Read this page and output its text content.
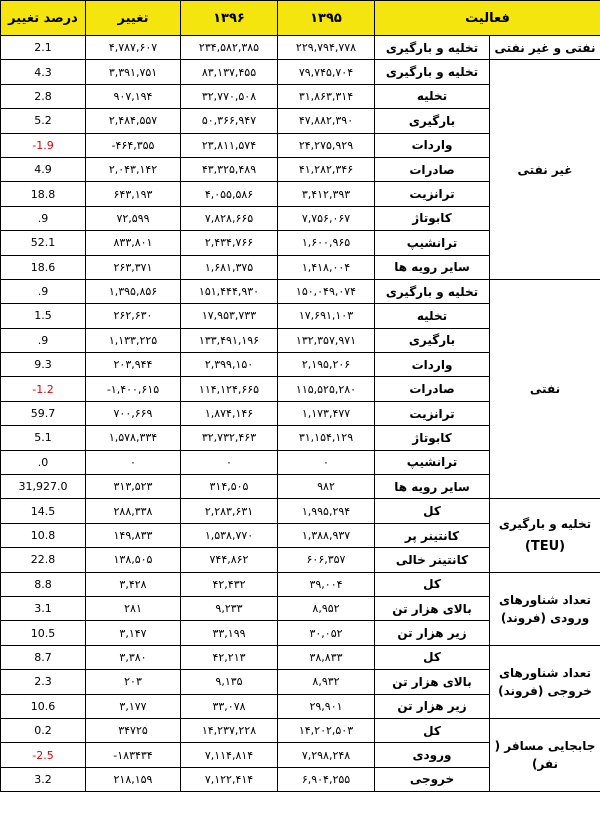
فعالیت		۱۳۹۵	۱۳۹۶	تغییر	درصد تغییر
نفتی و غیر نفتی	تخلیه و بارگیری	۲۲۹,۷۹۴,۷۷۸	۲۳۴,۵۸۲,۳۸۵	۴,۷۸۷,۶۰۷	2.1
غیر نفتی	تخلیه و بارگیری	۷۹,۷۴۵,۷۰۴	۸۳,۱۳۷,۴۵۵	۳,۳۹۱,۷۵۱	4.3
	تخلیه	۳۱,۸۶۳,۳۱۴	۳۲,۷۷۰,۵۰۸	۹۰۷,۱۹۴	2.8
	بارگیری	۴۷,۸۸۲,۳۹۰	۵۰,۳۶۶,۹۴۷	۲,۴۸۴,۵۵۷	5.2
	واردات	۲۴,۲۷۵,۹۲۹	۲۳,۸۱۱,۵۷۴	-۴۶۴,۳۵۵	-1.9
	صادرات	۴۱,۲۸۲,۳۴۶	۴۳,۳۲۵,۴۸۹	۲,۰۴۳,۱۴۲	4.9
	ترانزیت	۳,۴۱۲,۳۹۳	۴,۰۵۵,۵۸۶	۶۴۳,۱۹۳	18.8
	کابوتاژ	۷,۷۵۶,۰۶۷	۷,۸۲۸,۶۶۵	۷۲,۵۹۹	.9
	ترانشیپ	۱,۶۰۰,۹۶۵	۲,۴۳۴,۷۶۶	۸۳۳,۸۰۱	52.1
	سایر رویه ها	۱,۴۱۸,۰۰۴	۱,۶۸۱,۳۷۵	۲۶۳,۳۷۱	18.6
نفتی	تخلیه و بارگیری	۱۵۰,۰۴۹,۰۷۴	۱۵۱,۴۴۴,۹۳۰	۱,۳۹۵,۸۵۶	.9
	تخلیه	۱۷,۶۹۱,۱۰۳	۱۷,۹۵۳,۷۳۳	۲۶۲,۶۳۰	1.5
	بارگیری	۱۳۲,۳۵۷,۹۷۱	۱۳۳,۴۹۱,۱۹۶	۱,۱۳۳,۲۲۵	.9
	واردات	۲,۱۹۵,۲۰۶	۲,۳۹۹,۱۵۰	۲۰۳,۹۴۴	9.3
	صادرات	۱۱۵,۵۲۵,۲۸۰	۱۱۴,۱۲۴,۶۶۵	-۱,۴۰۰,۶۱۵	-1.2
	ترانزیت	۱,۱۷۳,۴۷۷	۱,۸۷۴,۱۴۶	۷۰۰,۶۶۹	59.7
	کابوتاژ	۳۱,۱۵۴,۱۲۹	۳۲,۷۳۲,۴۶۳	۱,۵۷۸,۳۳۴	5.1
	ترانشیپ	۰	۰	۰	.0
	سایر رویه ها	۹۸۲	۳۱۴,۵۰۵	۳۱۳,۵۲۳	31,927.0
تخلیه و بارگیری
(TEU)	کل	۱,۹۹۵,۲۹۴	۲,۲۸۳,۶۳۱	۲۸۸,۳۳۸	14.5
	کانتینر پر	۱,۳۸۸,۹۳۷	۱,۵۳۸,۷۷۰	۱۴۹,۸۳۳	10.8
	کانتینر خالی	۶۰۶,۳۵۷	۷۴۴,۸۶۲	۱۳۸,۵۰۵	22.8
تعداد شناورهای ورودی (فروند)	کل	۳۹,۰۰۴	۴۲,۴۳۲	۳,۴۲۸	8.8
	بالای هزار تن	۸,۹۵۲	۹,۲۳۳	۲۸۱	3.1
	زیر هزار تن	۳۰,۰۵۲	۳۳,۱۹۹	۳,۱۴۷	10.5
تعداد شناورهای خروجی (فروند)	کل	۳۸,۸۳۳	۴۲,۲۱۳	۳,۳۸۰	8.7
	بالای هزار تن	۸,۹۳۲	۹,۱۳۵	۲۰۳	2.3
	زیر هزار تن	۲۹,۹۰۱	۳۳,۰۷۸	۳,۱۷۷	10.6
جابجایی مسافر ( نفر)	کل	۱۴,۲۰۲,۵۰۳	۱۴,۲۳۷,۲۲۸	۳۴۷۲۵	0.2
	ورودی	۷,۲۹۸,۲۴۸	۷,۱۱۴,۸۱۴	-۱۸۳۴۳۴	-2.5
	خروجی	۶,۹۰۴,۲۵۵	۷,۱۲۲,۴۱۴	۲۱۸,۱۵۹	3.2
